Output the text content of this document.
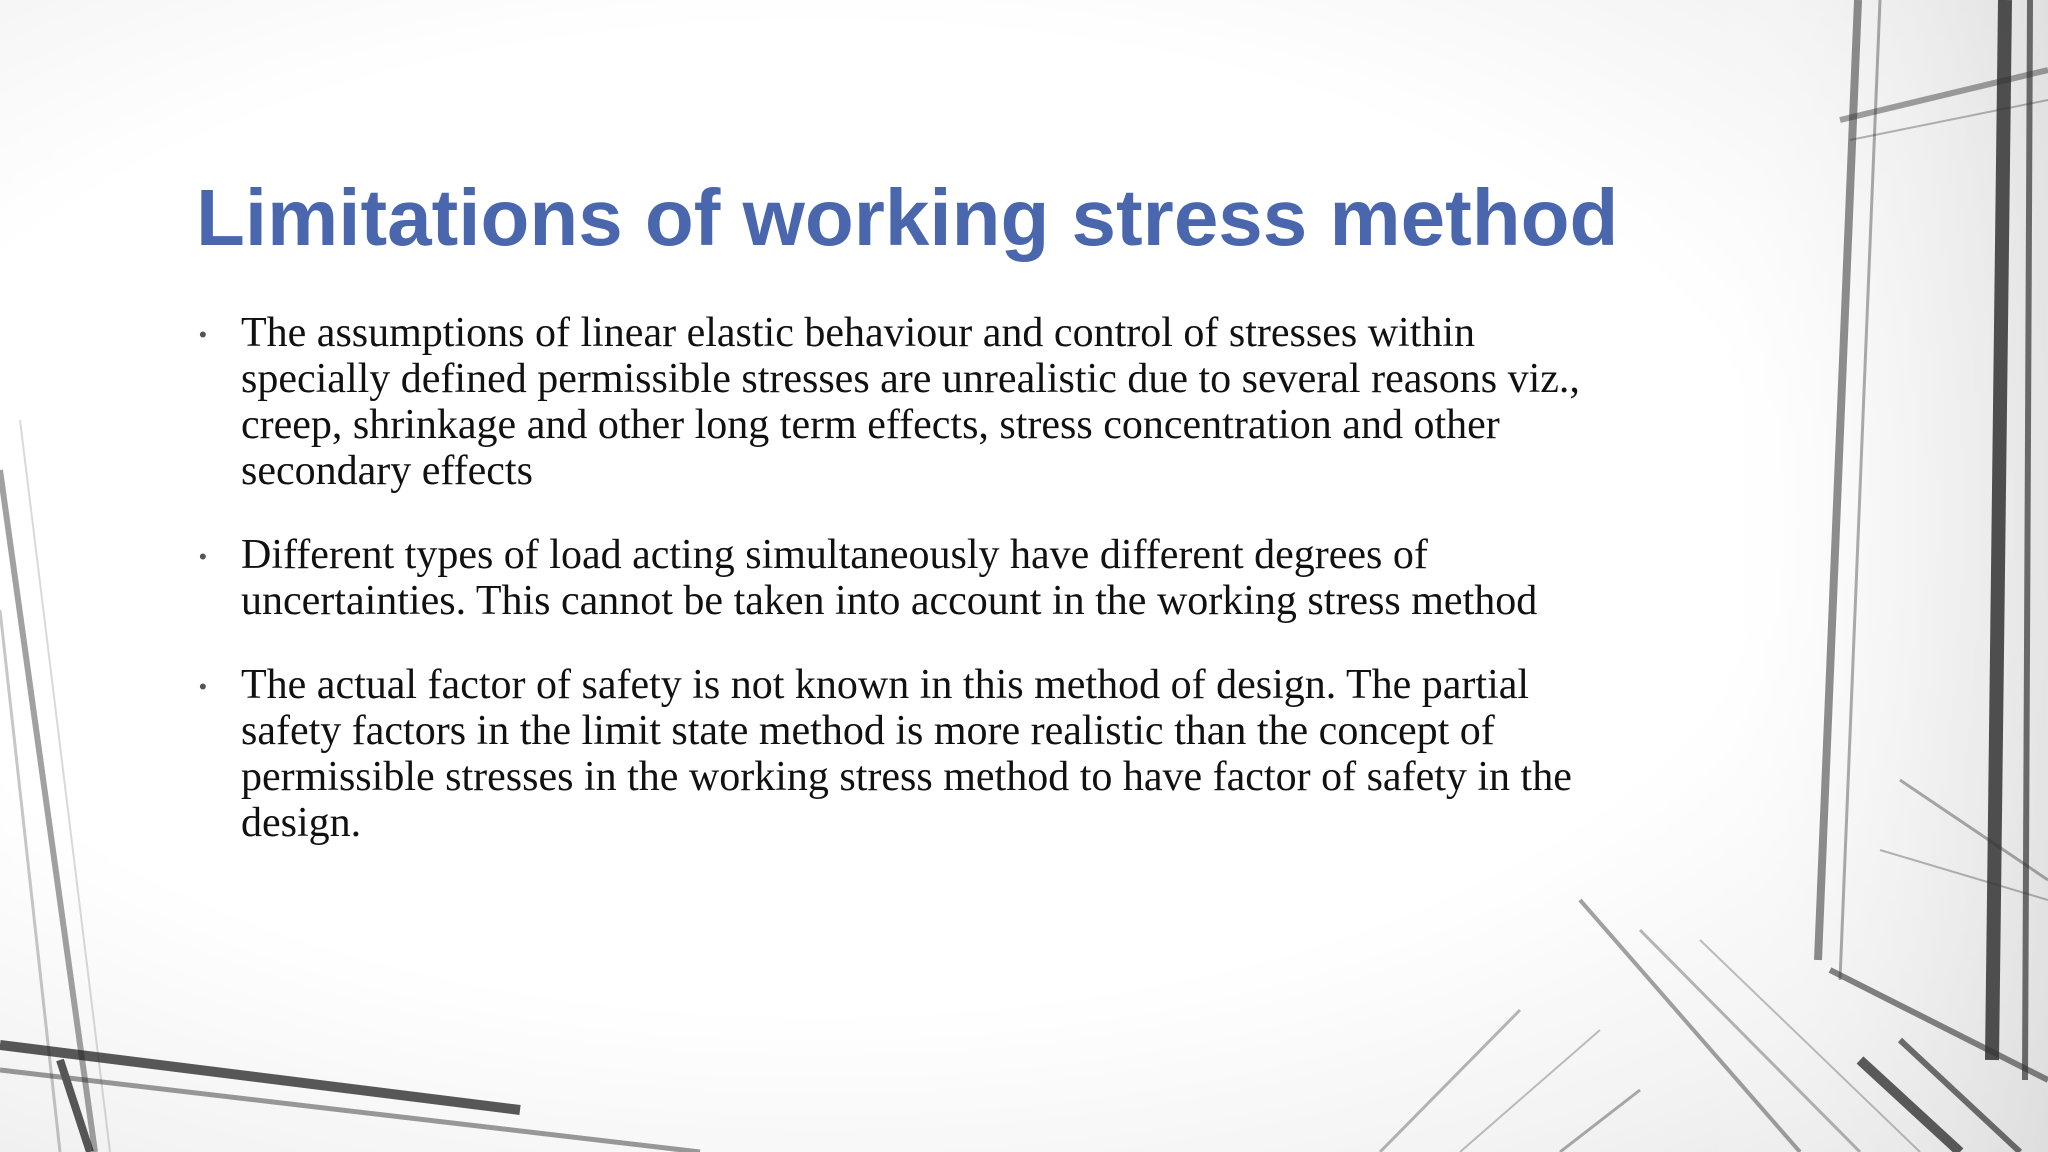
Limitations of working stress method
• The assumptions of linear elastic behaviour and control of stresses within specially defined permissible stresses are unrealistic due to several reasons viz., creep, shrinkage and other long term effects, stress concentration and other secondary effects
• Different types of load acting simultaneously have different degrees of uncertainties. This cannot be taken into account in the working stress method
• The actual factor of safety is not known in this method of design. The partial safety factors in the limit state method is more realistic than the concept of permissible stresses in the working stress method to have factor of safety in the design.
